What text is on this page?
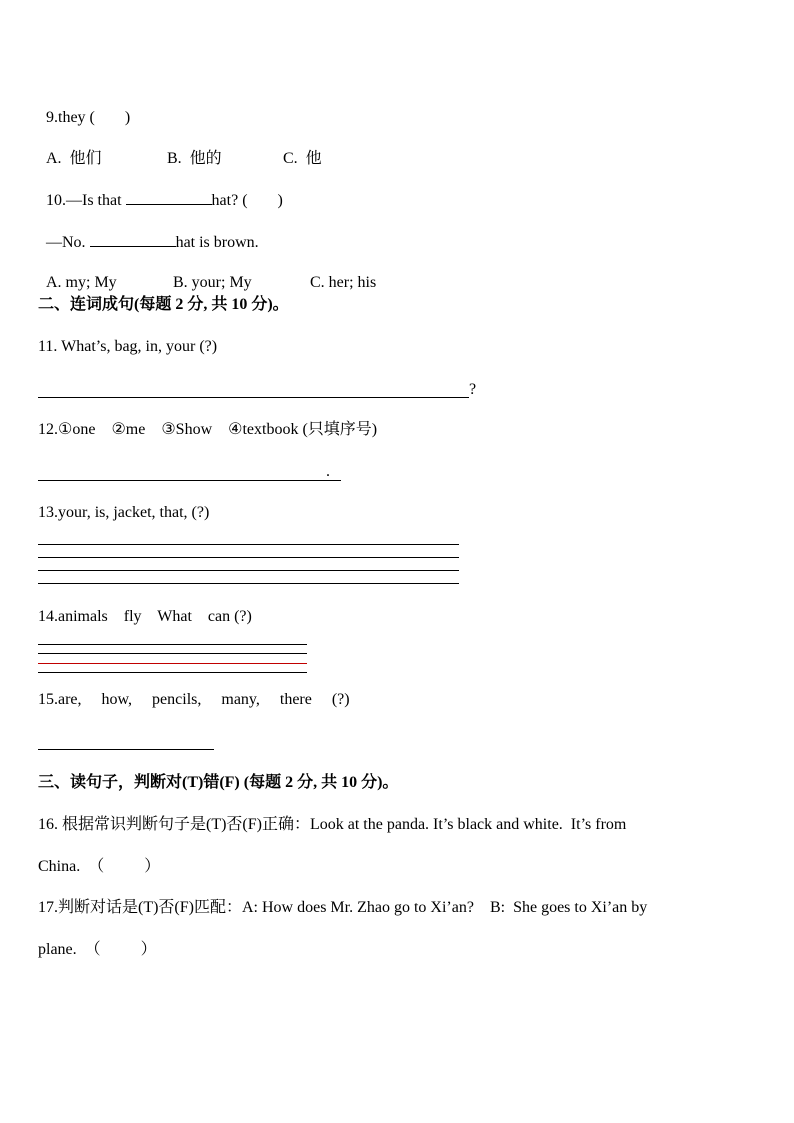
9.they ( )

A.  他们	B.  他的	C.  他

10.—Is that	hat? ( )

—No.	hat is brown.

A. my; My	B. your; My	C. her; his

二、连词成句(每题 2 分, 共 10 分)。
11. What’s, bag, in, your (?)
?
12.①one    ②me    ③Show    ④textbook (只填序号)
.
13.your, is, jacket, that, (?)
14.animals    fly    What    can (?)
15.are,     how,     pencils,     many,     there     (?)
三、读句子，判断对(T)错(F) (每题 2 分, 共 10 分)。
16. 根据常识判断句子是(T)否(F)正确：Look at the panda. It’s black and white.  It’s from
China.  （          ）
17.判断对话是(T)否(F)匹配：A: How does Mr. Zhao go to Xi’an?    B:  She goes to Xi’an by
plane.  （          ）
